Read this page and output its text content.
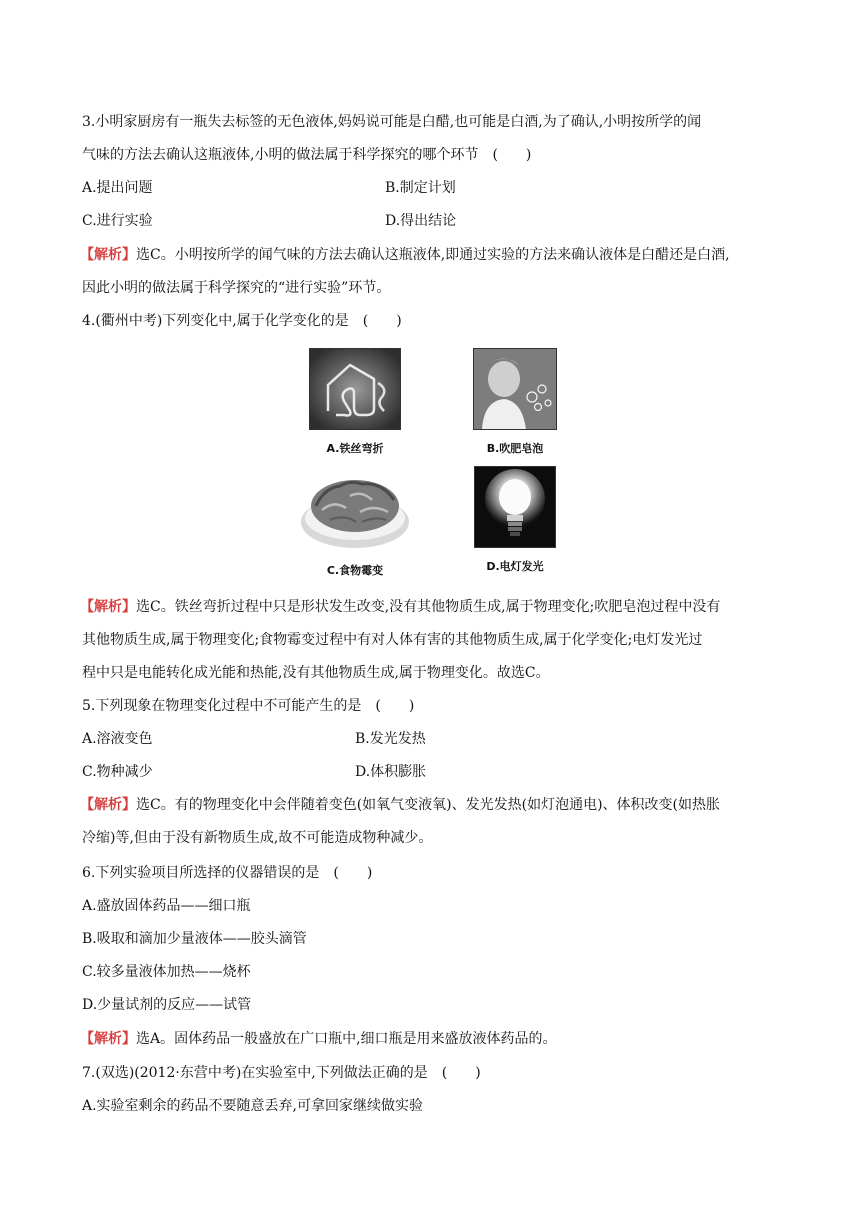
3.小明家厨房有一瓶失去标签的无色液体,妈妈说可能是白醋,也可能是白酒,为了确认,小明按所学的闻
气味的方法去确认这瓶液体,小明的做法属于科学探究的哪个环节　(　　)
A.提出问题	B.制定计划
C.进行实验	D.得出结论
【解析】选C。小明按所学的闻气味的方法去确认这瓶液体,即通过实验的方法来确认液体是白醋还是白酒,
因此小明的做法属于科学探究的“进行实验”环节。
4.(衢州中考)下列变化中,属于化学变化的是　(　　)
A.铁丝弯折	B.吹肥皂泡
C.食物霉变	D.电灯发光
【解析】选C。铁丝弯折过程中只是形状发生改变,没有其他物质生成,属于物理变化;吹肥皂泡过程中没有
其他物质生成,属于物理变化;食物霉变过程中有对人体有害的其他物质生成,属于化学变化;电灯发光过
程中只是电能转化成光能和热能,没有其他物质生成,属于物理变化。故选C。
5.下列现象在物理变化过程中不可能产生的是　(　　)
A.溶液变色	B.发光发热
C.物种减少	D.体积膨胀
【解析】选C。有的物理变化中会伴随着变色(如氧气变液氧)、发光发热(如灯泡通电)、体积改变(如热胀
冷缩)等,但由于没有新物质生成,故不可能造成物种减少。
6.下列实验项目所选择的仪器错误的是　(　　)
A.盛放固体药品——细口瓶
B.吸取和滴加少量液体——胶头滴管
C.较多量液体加热——烧杯
D.少量试剂的反应——试管
【解析】选A。固体药品一般盛放在广口瓶中,细口瓶是用来盛放液体药品的。
7.(双选)(2012·东营中考)在实验室中,下列做法正确的是　(　　)
A.实验室剩余的药品不要随意丢弃,可拿回家继续做实验
